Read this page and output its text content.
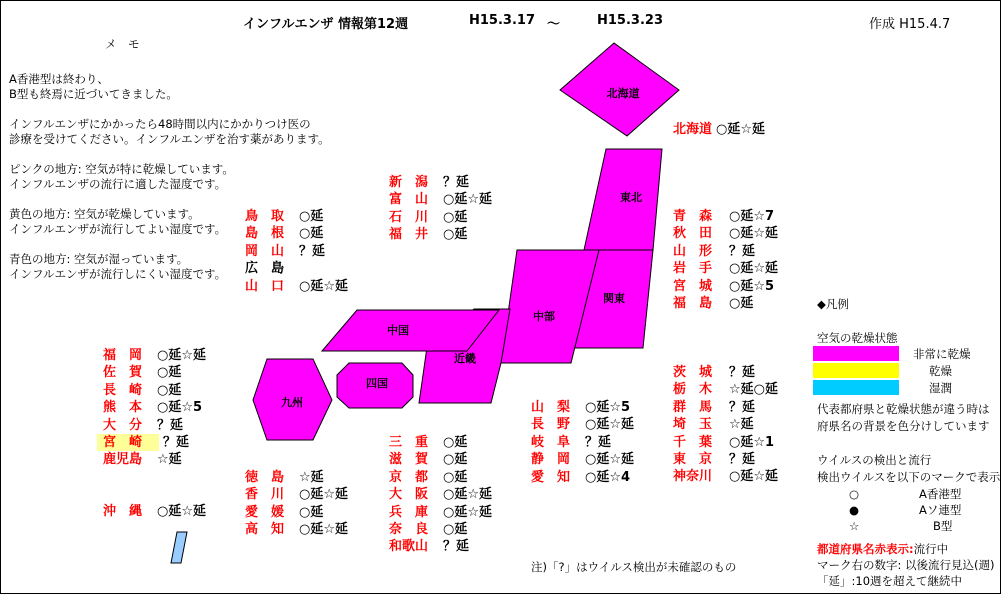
インフルエンザ 情報第12週	H15.3.17 ～	H15.3.23	作成 H15.4.7
メ　モ
A香港型は終わり、
B型も終焉に近づいてきました。
インフルエンザにかかったら48時間以内にかかりつけ医の
診療を受けてください。インフルエンザを治す薬があります。
ピンクの地方: 空気が特に乾燥しています。
インフルエンザの流行に適した湿度です。
黄色の地方: 空気が乾燥しています。
インフルエンザが流行してよい湿度です。
青色の地方: 空気が湿っています。
インフルエンザが流行しにくい湿度です。
北海道
東北
関東
中部
近畿
中国
四国
九州
北海道 ○延☆延
青　森 ○延☆7
秋　田 ○延☆延
山　形 ？延
岩　手 ○延☆延
宮　城 ○延☆5
福　島 ○延
茨　城 ？延
栃　木 ☆延○延
群　馬 ？延
埼　玉 ☆延
千　葉 ○延☆1
東　京 ？延
神奈川 ○延☆延
新　潟 ？延
富　山 ○延☆延
石　川 ○延
福　井 ○延
山　梨 ○延☆5
長　野 ○延☆延
岐　阜 ？延
静　岡 ○延☆延
愛　知 ○延☆4
鳥　取 ○延
島　根 ○延
岡　山 ？延
広　島
山　口 ○延☆延
三　重 ○延
滋　賀 ○延
京　都 ○延
大　阪 ○延☆延
兵　庫 ○延☆延
奈　良 ○延
和歌山 ？延
徳　島 ☆延
香　川 ○延☆延
愛　媛 ○延
高　知 ○延☆延
福　岡 ○延☆延
佐　賀 ○延
長　崎 ○延
熊　本 ○延☆5
大　分 ？延
宮　崎 ？延
鹿児島 ☆延
沖　縄 ○延☆延
◆凡例
空気の乾燥状態
非常に乾燥
乾燥
湿潤
代表都府県と乾燥状態が違う時は
府県名の背景を色分けしています
ウイルスの検出と流行
検出ウイルスを以下のマークで表示
○	A香港型
●	Aソ連型
☆	B型
都道府県名赤表示:流行中
マーク右の数字: 以後流行見込(週)
「延」:10週を超えて継続中
注)「?」はウイルス検出が未確認のもの
